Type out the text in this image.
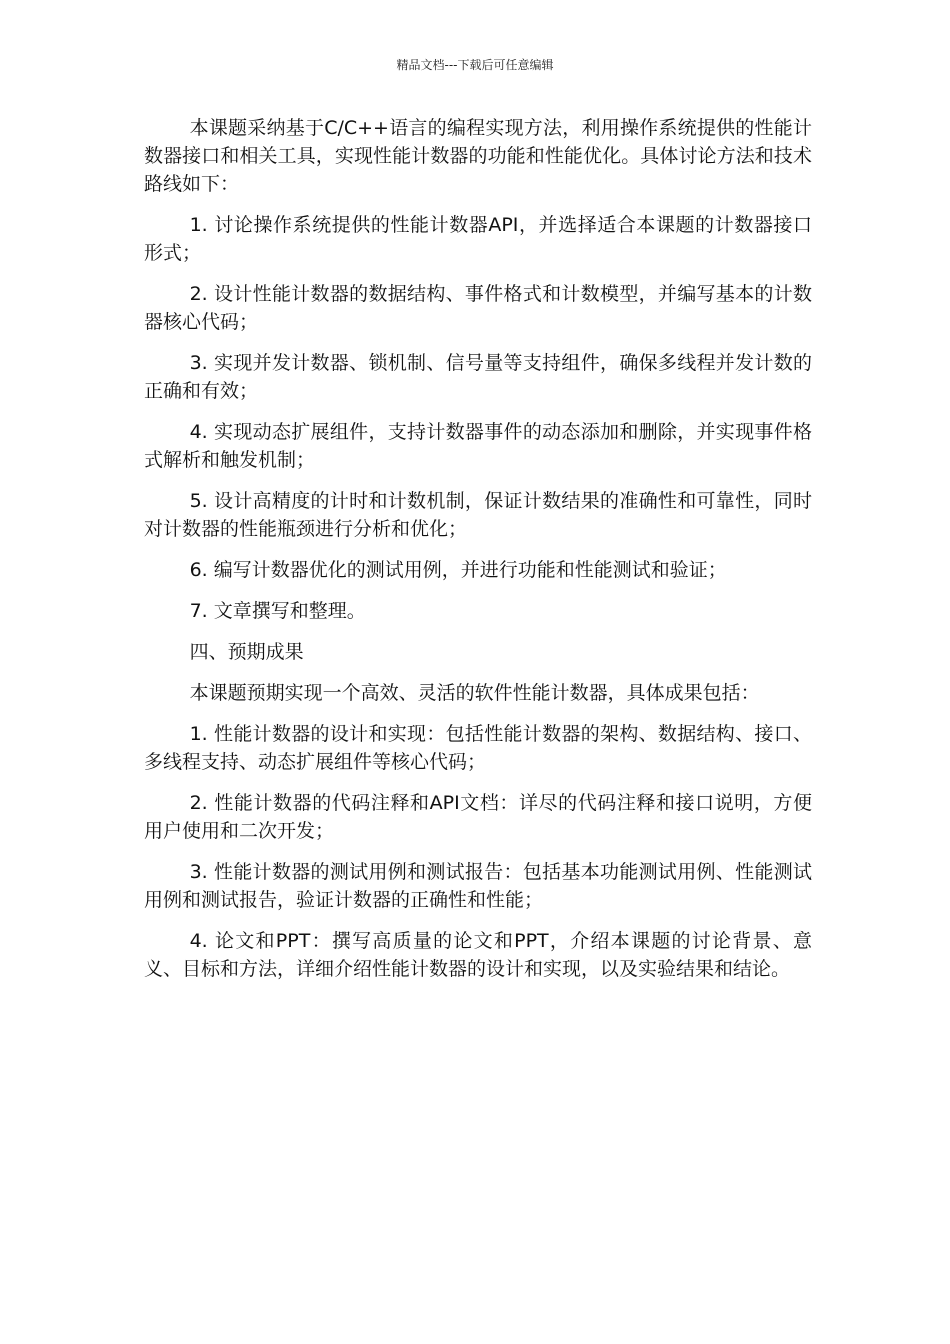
精品文档---下载后可任意编辑

本课题采纳基于C/C++语言的编程实现方法，利用操作系统提供的性能计数器接口和相关工具，实现性能计数器的功能和性能优化。具体讨论方法和技术路线如下：

1. 讨论操作系统提供的性能计数器API，并选择适合本课题的计数器接口形式；

2. 设计性能计数器的数据结构、事件格式和计数模型，并编写基本的计数器核心代码；

3. 实现并发计数器、锁机制、信号量等支持组件，确保多线程并发计数的正确和有效；

4. 实现动态扩展组件，支持计数器事件的动态添加和删除，并实现事件格式解析和触发机制；

5. 设计高精度的计时和计数机制，保证计数结果的准确性和可靠性，同时对计数器的性能瓶颈进行分析和优化；

6. 编写计数器优化的测试用例，并进行功能和性能测试和验证；

7. 文章撰写和整理。

四、预期成果

本课题预期实现一个高效、灵活的软件性能计数器，具体成果包括：

1. 性能计数器的设计和实现：包括性能计数器的架构、数据结构、接口、多线程支持、动态扩展组件等核心代码；

2. 性能计数器的代码注释和API文档：详尽的代码注释和接口说明，方便用户使用和二次开发；

3. 性能计数器的测试用例和测试报告：包括基本功能测试用例、性能测试用例和测试报告，验证计数器的正确性和性能；

4. 论文和PPT：撰写高质量的论文和PPT，介绍本课题的讨论背景、意义、目标和方法，详细介绍性能计数器的设计和实现，以及实验结果和结论。
